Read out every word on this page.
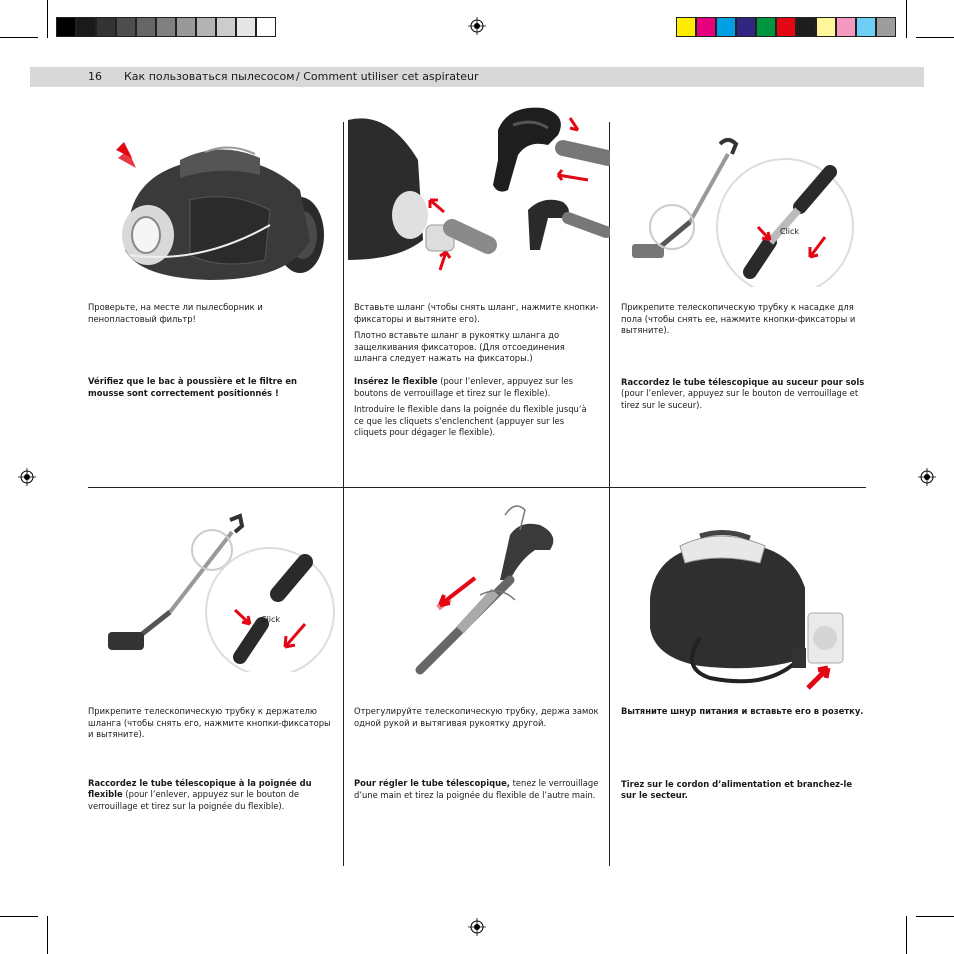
16 Как пользоваться пылесосом / Comment utiliser cet aspirateur
Click
Click

Проверьте, на месте ли пылесборник и пенопластовый фильтр!

Vérifiez que le bac à poussière et le filtre en mousse sont correctement positionnés !

Вставьте шланг (чтобы снять шланг, нажмите кнопки-фиксаторы и вытяните его).

Плотно вставьте шланг в рукоятку шланга до защелкивания фиксаторов. (Для отсоединения шланга следует нажать на фиксаторы.)

Insérez le flexible (pour l’enlever, appuyez sur les boutons de verrouillage et tirez sur le flexible).

Introduire le flexible dans la poignée du flexible jusqu’à ce que les cliquets s’enclenchent (appuyer sur les cliquets pour dégager le flexible).

Прикрепите телескопическую трубку к насадке для пола (чтобы снять ее, нажмите кнопки-фиксаторы и вытяните).

Raccordez le tube télescopique au suceur pour sols (pour l’enlever, appuyez sur le bouton de verrouillage et tirez sur le suceur).

Прикрепите телескопическую трубку к держателю шланга (чтобы снять его, нажмите кнопки-фиксаторы и вытяните).

Raccordez le tube télescopique à la poignée du flexible (pour l’enlever, appuyez sur le bouton de verrouillage et tirez sur la poignée du flexible).

Отрегулируйте телескопическую трубку, держа замок одной рукой и вытягивая рукоятку другой.

Pour régler le tube télescopique, tenez le verrouillage d’une main et tirez la poignée du flexible de l’autre main.

Вытяните шнур питания и вставьте его в розетку.

Tirez sur le cordon d’alimentation et branchez-le sur le secteur.
